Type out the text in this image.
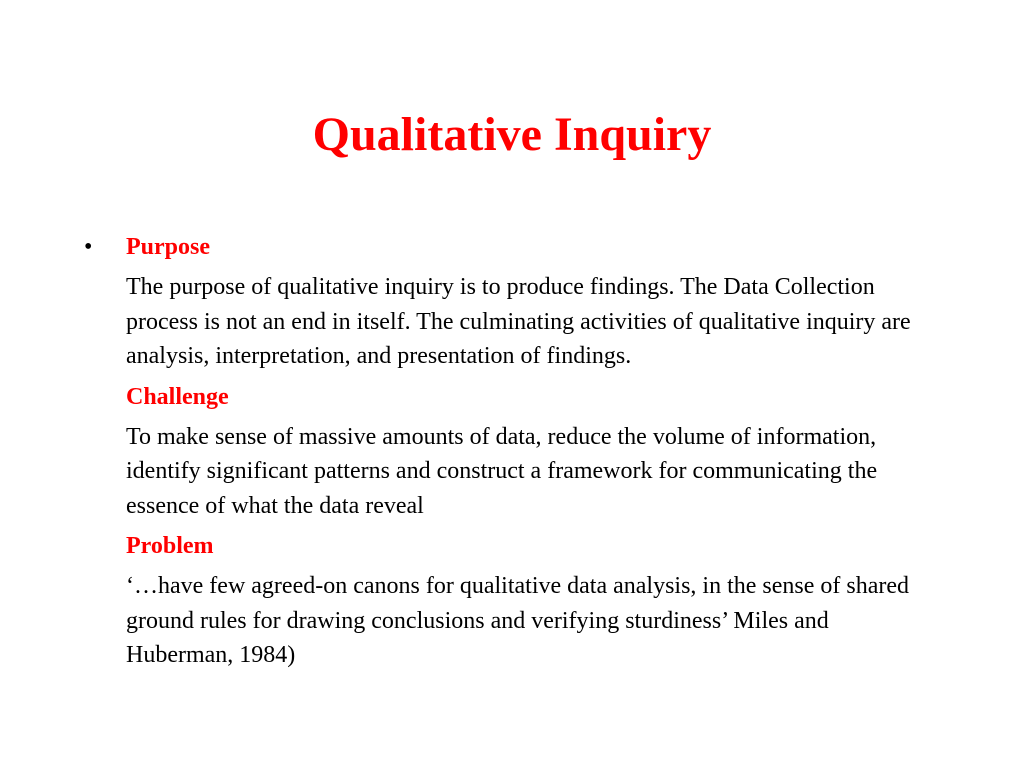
Qualitative Inquiry
•	Purpose
The purpose of qualitative inquiry is to produce findings. The Data Collection process is not an end in itself. The culminating activities of qualitative inquiry are analysis, interpretation, and presentation of findings.
Challenge
To make sense of massive amounts of data, reduce the volume of information, identify significant patterns and construct a framework for communicating the essence of what the data reveal
Problem
‘…have few agreed-on canons for qualitative data analysis, in the sense of shared ground rules for drawing conclusions and verifying sturdiness’ Miles and Huberman, 1984)
